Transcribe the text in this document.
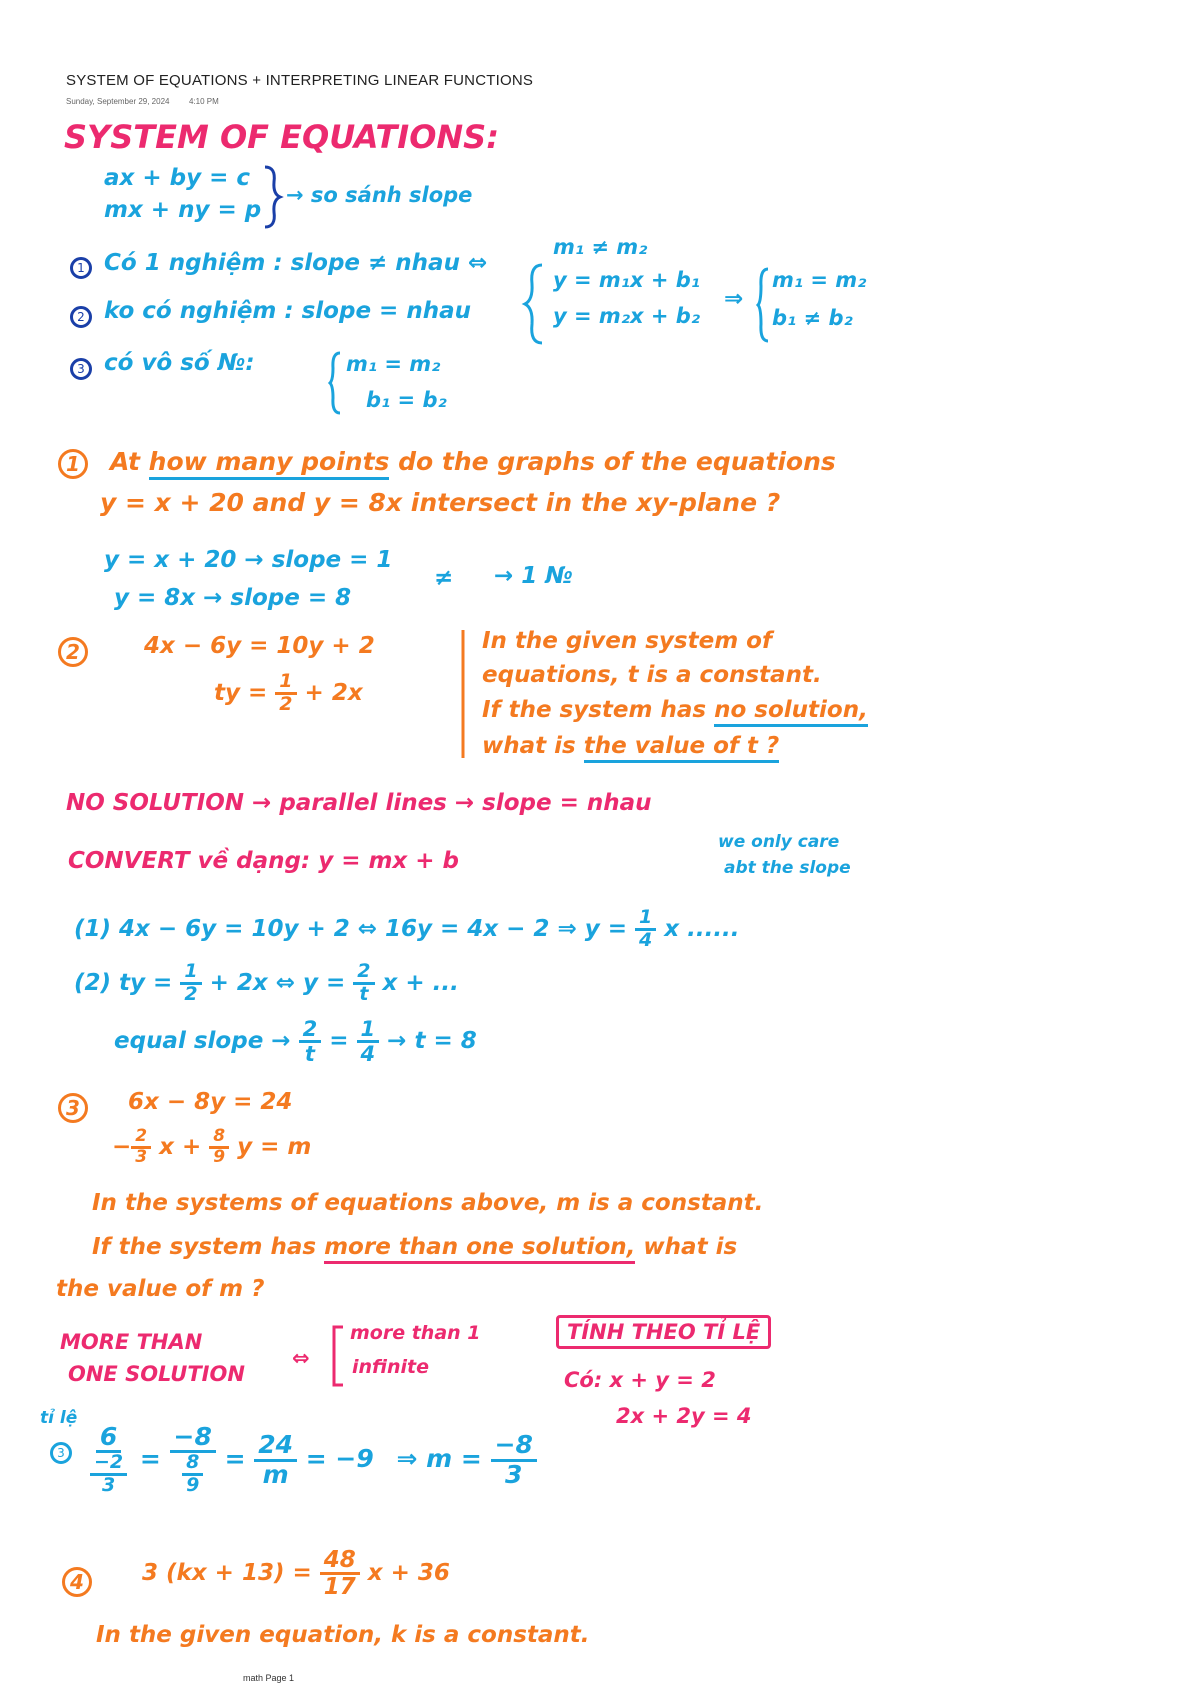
SYSTEM OF EQUATIONS + INTERPRETING LINEAR FUNCTIONS
Sunday, September 29, 2024 4:10 PM
SYSTEM OF EQUATIONS:
ax + by = c
mx + ny = p
→ so sánh slope
1 Có 1 nghiệm : slope ≠ nhau ⇔
m₁ ≠ m₂
2 ko có nghiệm : slope = nhau
y = m₁x + b₁
y = m₂x + b₂
⇒
m₁ = m₂
b₁ ≠ b₂
3 có vô số №:	m₁ = m₂
b₁ = b₂
1	At how many points do the graphs of the equations
y = x + 20 and y = 8x intersect in the xy-plane ?
y = x + 20 → slope = 1
y = 8x → slope = 8
≠ → 1 №
2	4x − 6y = 10y + 2
ty = $\frac{1}{2} + 2x$
In the given system of
equations, t is a constant.
If the system has no solution,
what is the value of t ?
NO SOLUTION → parallel lines → slope = nhau
CONVERT về dạng: y = mx + b
we only care
abt the slope
(1) 4x − 6y = 10y + 2 ⇔ 16y = 4x − 2 ⇒ $y = \frac{1}{4}$ x ......
(2) ty = $\frac{1}{2} + 2x$ ⇔ $y = \frac{2}{t}$ x + ...
equal slope → $\frac{2}{t} = \frac{1}{4} \to t = 8$
3	6x − 8y = 24
− $\frac{2}{3}$ $x + \frac{8}{9}$ y = m
In the systems of equations above, m is a constant.
If the system has more than one solution, what is
the value of m ?
MORE THAN
ONE SOLUTION
⇔
more than 1
infinite
TÍNH THEO TỈ LỆ
Có: x + y = 2
2x + 2y = 4
tỉ lệ
$3 \frac{6}{\frac{-2}{3}} = \frac{-8}{\frac{8}{9}} = \frac{24}{m} = -9$ ⇒ $m = \frac{-8}{3}$
4	3 $(kx + 13) = \frac{48}{17}$ x + 36
In the given equation, k is a constant.
math Page 1
